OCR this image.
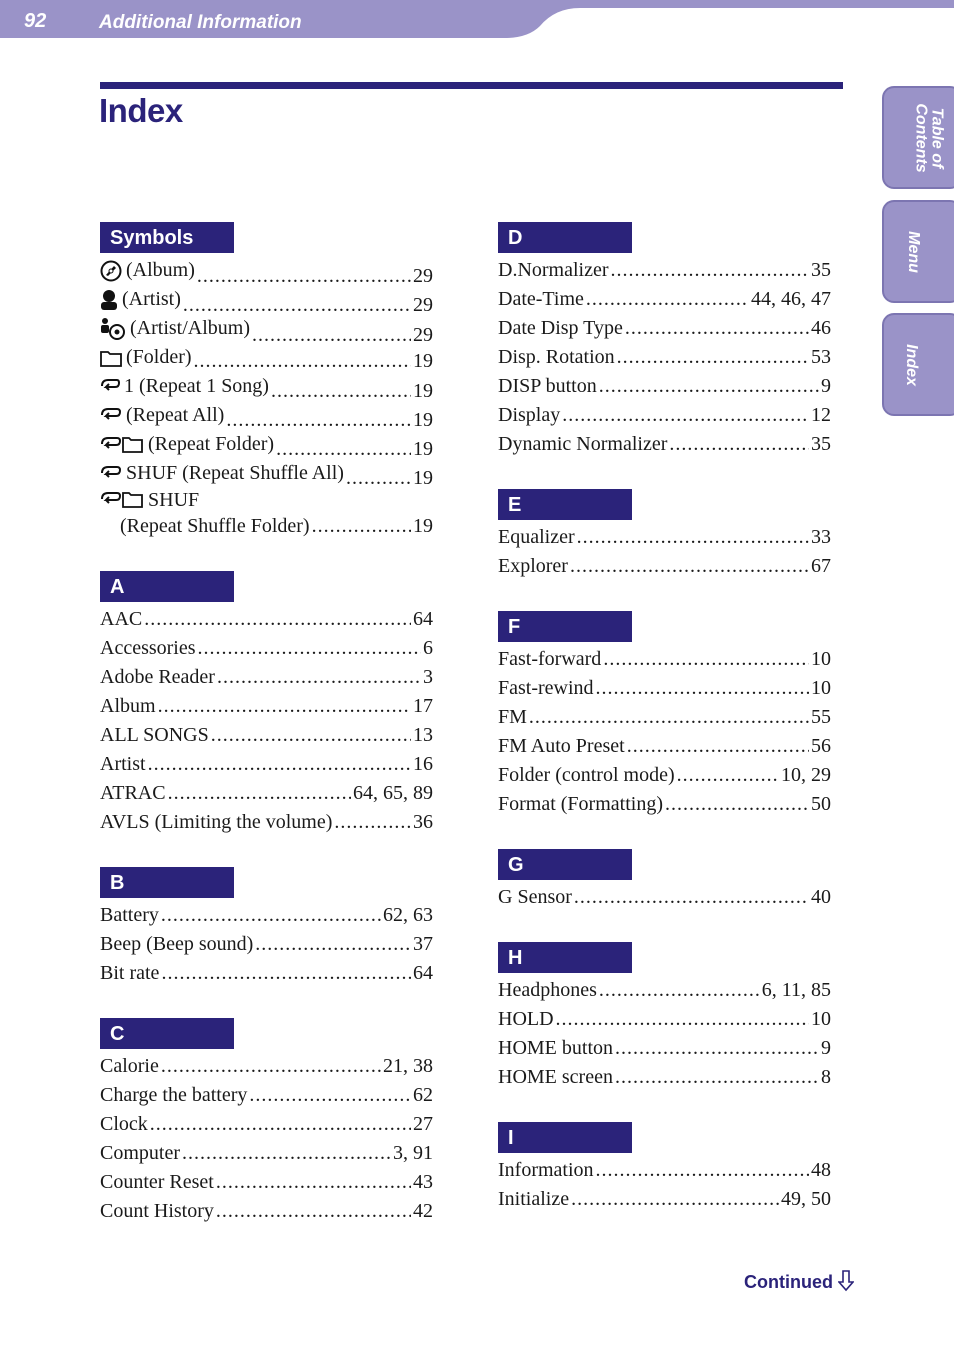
92	Additional Information
Index	Table of
Contents
Menu
Index
Symbols
(Album) .....	29
(Artist) .....	29
(Artist/Album) .....	29
(Folder) .....	19
1 (Repeat 1 Song) .....	19
(Repeat All) .....	19
(Repeat Folder) .....	19
SHUF (Repeat Shuffle All) .....	19
SHUF
(Repeat Shuffle Folder) .....	19
A
AAC .....	64
Accessories .....	6
Adobe Reader .....	3
Album .....	17
ALL SONGS .....	13
Artist .....	16
ATRAC .....	64, 65, 89
AVLS (Limiting the volume) .....	36
B
Battery .....	62, 63
Beep (Beep sound) .....	37
Bit rate .....	64
C
Calorie .....	21, 38
Charge the battery .....	62
Clock .....	27
Computer .....	3, 91
Counter Reset .....	43
Count History .....	42
D
D.Normalizer .....	35
Date-Time .....	44, 46, 47
Date Disp Type .....	46
Disp. Rotation .....	53
DISP button .....	9
Display .....	12
Dynamic Normalizer .....	35
E
Equalizer .....	33
Explorer .....	67
F
Fast-forward .....	10
Fast-rewind .....	10
FM .....	55
FM Auto Preset .....	56
Folder (control mode) .....	10, 29
Format (Formatting) .....	50
G
G Sensor .....	40
H
Headphones .....	6, 11, 85
HOLD .....	10
HOME button .....	9
HOME screen .....	8
I
Information .....	48
Initialize .....	49, 50
Continued
